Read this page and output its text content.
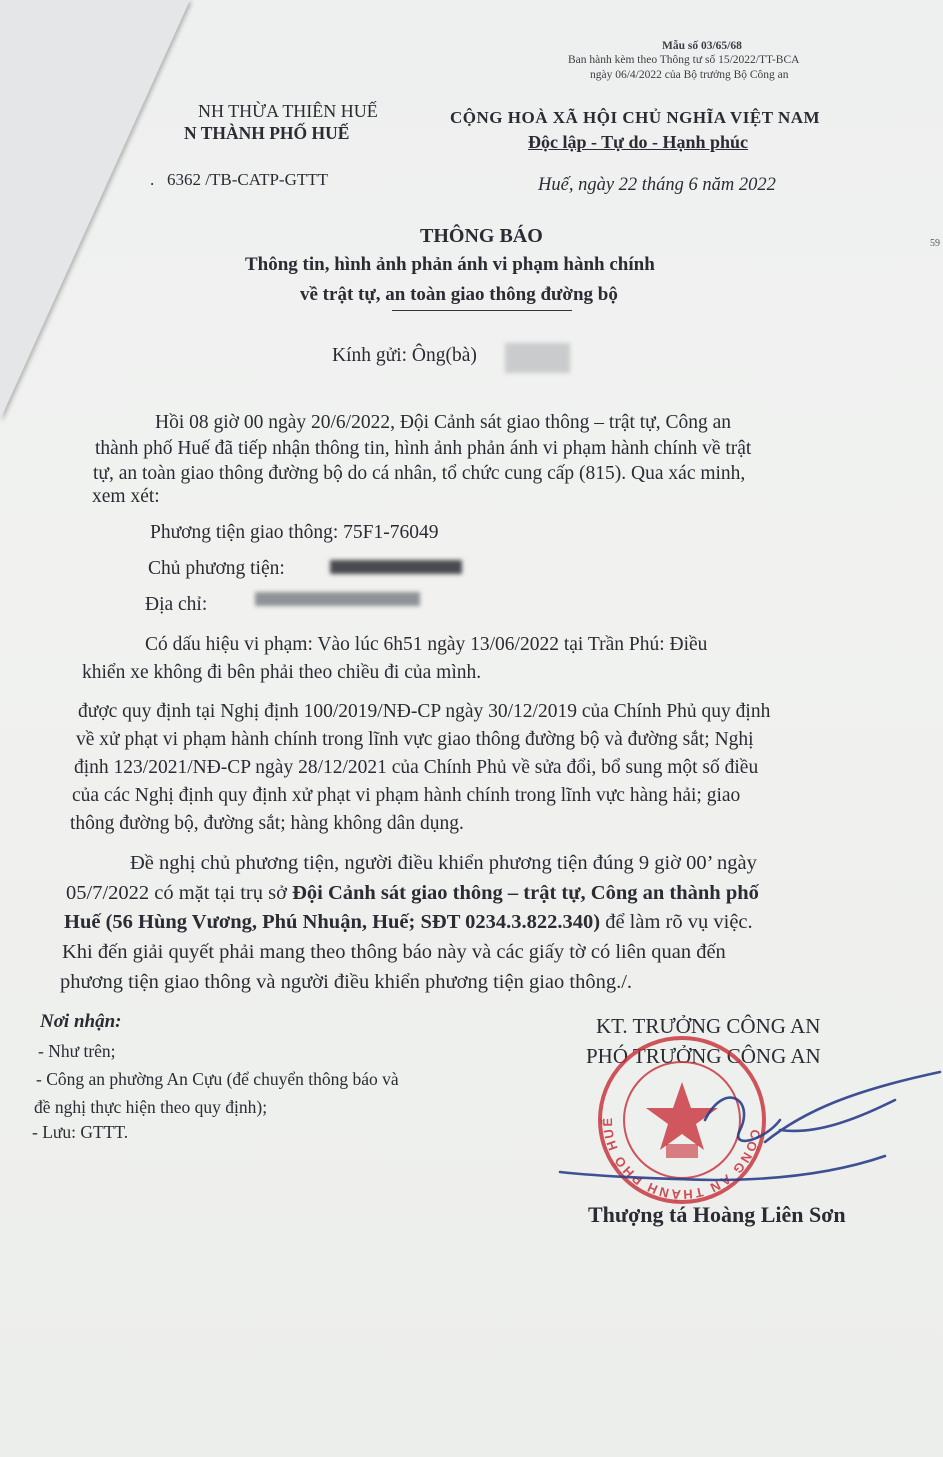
Mẫu số 03/65/68
Ban hành kèm theo Thông tư số 15/2022/TT-BCA
ngày 06/4/2022 của Bộ trưởng Bộ Công an
NH THỪA THIÊN HUẾ
N THÀNH PHỐ HUẾ
.   6362 /TB-CATP-GTTT
CỘNG HOÀ XÃ HỘI CHỦ NGHĨA VIỆT NAM
Độc lập - Tự do - Hạnh phúc
Huế, ngày 22 tháng 6 năm 2022
THÔNG BÁO
Thông tin, hình ảnh phản ánh vi phạm hành chính
về trật tự, an toàn giao thông đường bộ
Kính gửi: Ông(bà)
Hồi 08 giờ 00 ngày 20/6/2022, Đội Cảnh sát giao thông – trật tự, Công an
thành phố Huế đã tiếp nhận thông tin, hình ảnh phản ánh vi phạm hành chính về trật
tự, an toàn giao thông đường bộ do cá nhân, tổ chức cung cấp (815). Qua xác minh,
xem xét:
Phương tiện giao thông: 75F1-76049
Chủ phương tiện:
Địa chỉ:
Có dấu hiệu vi phạm: Vào lúc 6h51 ngày 13/06/2022 tại Trần Phú: Điều
khiển xe không đi bên phải theo chiều đi của mình.
được quy định tại Nghị định 100/2019/NĐ-CP ngày 30/12/2019 của Chính Phủ quy định
về xử phạt vi phạm hành chính trong lĩnh vực giao thông đường bộ và đường sắt; Nghị
định 123/2021/NĐ-CP ngày 28/12/2021 của Chính Phủ về sửa đổi, bổ sung một số điều
của các Nghị định quy định xử phạt vi phạm hành chính trong lĩnh vực hàng hải; giao
thông đường bộ, đường sắt; hàng không dân dụng.
Đề nghị chủ phương tiện, người điều khiển phương tiện đúng 9 giờ 00’ ngày
05/7/2022 có mặt tại trụ sở Đội Cảnh sát giao thông – trật tự, Công an thành phố
Huế (56 Hùng Vương, Phú Nhuận, Huế; SĐT 0234.3.822.340) để làm rõ vụ việc.
Khi đến giải quyết phải mang theo thông báo này và các giấy tờ có liên quan đến
phương tiện giao thông và người điều khiển phương tiện giao thông./.
Nơi nhận:
- Như trên;
- Công an phường An Cựu (để chuyển thông báo và
đề nghị thực hiện theo quy định);
- Lưu: GTTT.
KT. TRƯỞNG CÔNG AN
PHÓ TRƯỞNG CÔNG AN
CÔNG AN THÀNH PHỐ HUẾ
Thượng tá Hoàng Liên Sơn
59
